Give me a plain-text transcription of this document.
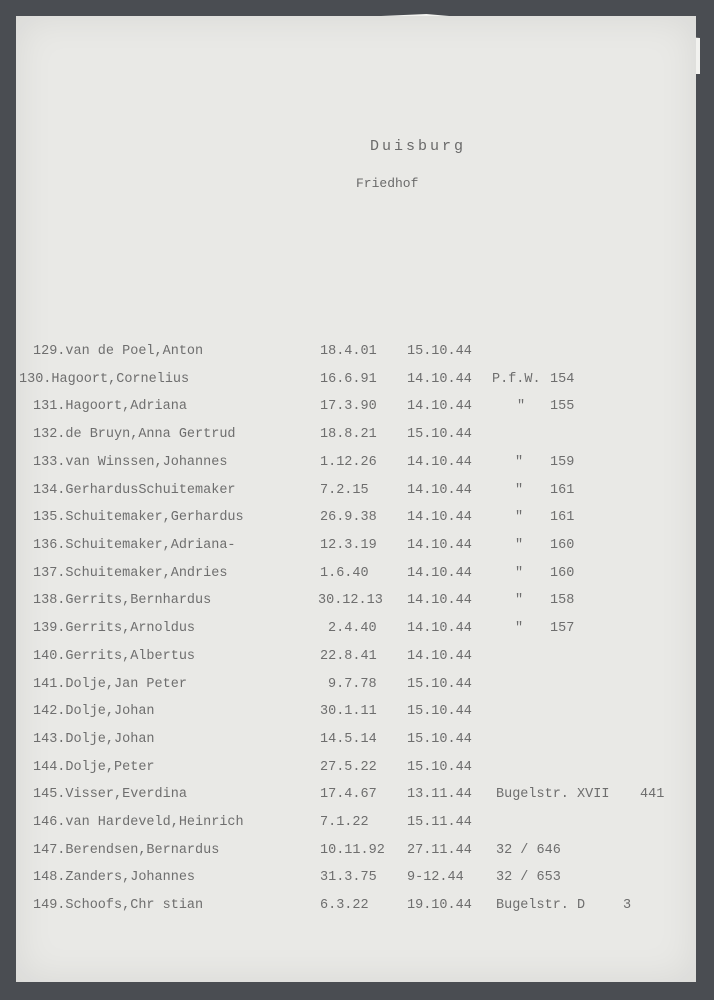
Duisburg
Friedhof
129.van de Poel,Anton	18.4.01 15.10.44
130.Hagoort,Cornelius	16.6.91 14.10.44 P.f.W. 154
131.Hagoort,Adriana	17.3.90 14.10.44	" 155
132.de Bruyn,Anna Gertrud	18.8.21 15.10.44
133.van Winssen,Johannes	1.12.26 14.10.44	" 159
134.GerhardusSchuitemaker	7.2.15	14.10.44	" 161
135.Schuitemaker,Gerhardus	26.9.38 14.10.44	" 161
136.Schuitemaker,Adriana-	12.3.19 14.10.44	" 160
137.Schuitemaker,Andries	1.6.40	14.10.44	" 160
138.Gerrits,Bernhardus	30.12.13 14.10.44	" 158
139.Gerrits,Arnoldus	2.4.40 14.10.44	" 157
140.Gerrits,Albertus	22.8.41 14.10.44
141.Dolje,Jan Peter	9.7.78 15.10.44
142.Dolje,Johan	30.1.11 15.10.44
143.Dolje,Johan	14.5.14 15.10.44
144.Dolje,Peter	27.5.22 15.10.44
145.Visser,Everdina	17.4.67 13.11.44 Bugelstr. XVII 441
146.van Hardeveld,Heinrich	7.1.22	15.11.44
147.Berendsen,Bernardus	10.11.92 27.11.44 32 / 646
148.Zanders,Johannes	31.3.75 9-12.44 32 / 653
149.Schoofs,Chr stian	6.3.22	19.10.44 Bugelstr. D	3
